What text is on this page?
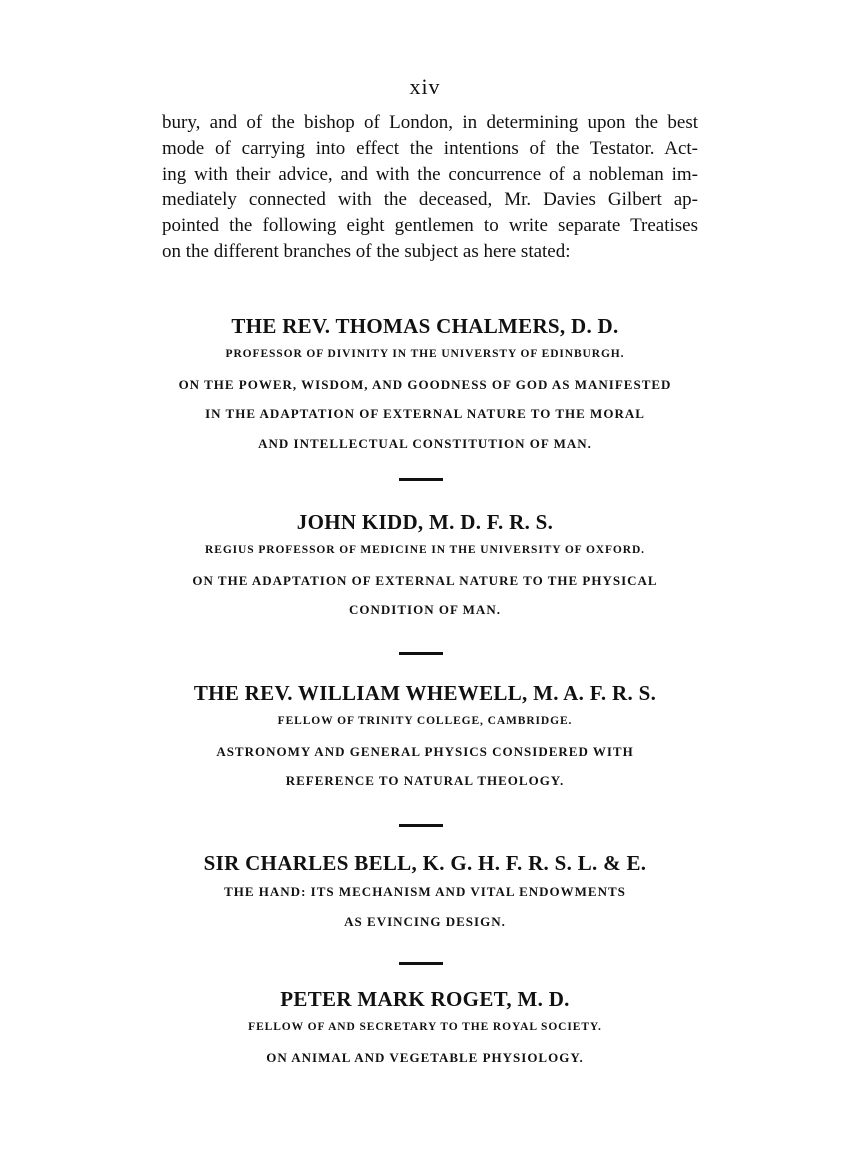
xiv
bury, and of the bishop of London, in determining upon the best
mode of carrying into effect the intentions of the Testator. Act-
ing with their advice, and with the concurrence of a nobleman im-
mediately connected with the deceased, Mr. Davies Gilbert ap-
pointed the following eight gentlemen to write separate Treatises
on the different branches of the subject as here stated:
THE REV. THOMAS CHALMERS, D. D.
PROFESSOR OF DIVINITY IN THE UNIVERSTY OF EDINBURGH.
ON THE POWER, WISDOM, AND GOODNESS OF GOD AS MANIFESTED
IN THE ADAPTATION OF EXTERNAL NATURE TO THE MORAL
AND INTELLECTUAL CONSTITUTION OF MAN.
JOHN KIDD, M. D. F. R. S.
REGIUS PROFESSOR OF MEDICINE IN THE UNIVERSITY OF OXFORD.
ON THE ADAPTATION OF EXTERNAL NATURE TO THE PHYSICAL
CONDITION OF MAN.
THE REV. WILLIAM WHEWELL, M. A. F. R. S.
FELLOW OF TRINITY COLLEGE, CAMBRIDGE.
ASTRONOMY AND GENERAL PHYSICS CONSIDERED WITH
REFERENCE TO NATURAL THEOLOGY.
SIR CHARLES BELL, K. G. H. F. R. S. L. & E.
THE HAND: ITS MECHANISM AND VITAL ENDOWMENTS
AS EVINCING DESIGN.
PETER MARK ROGET, M. D.
FELLOW OF AND SECRETARY TO THE ROYAL SOCIETY.
ON ANIMAL AND VEGETABLE PHYSIOLOGY.
